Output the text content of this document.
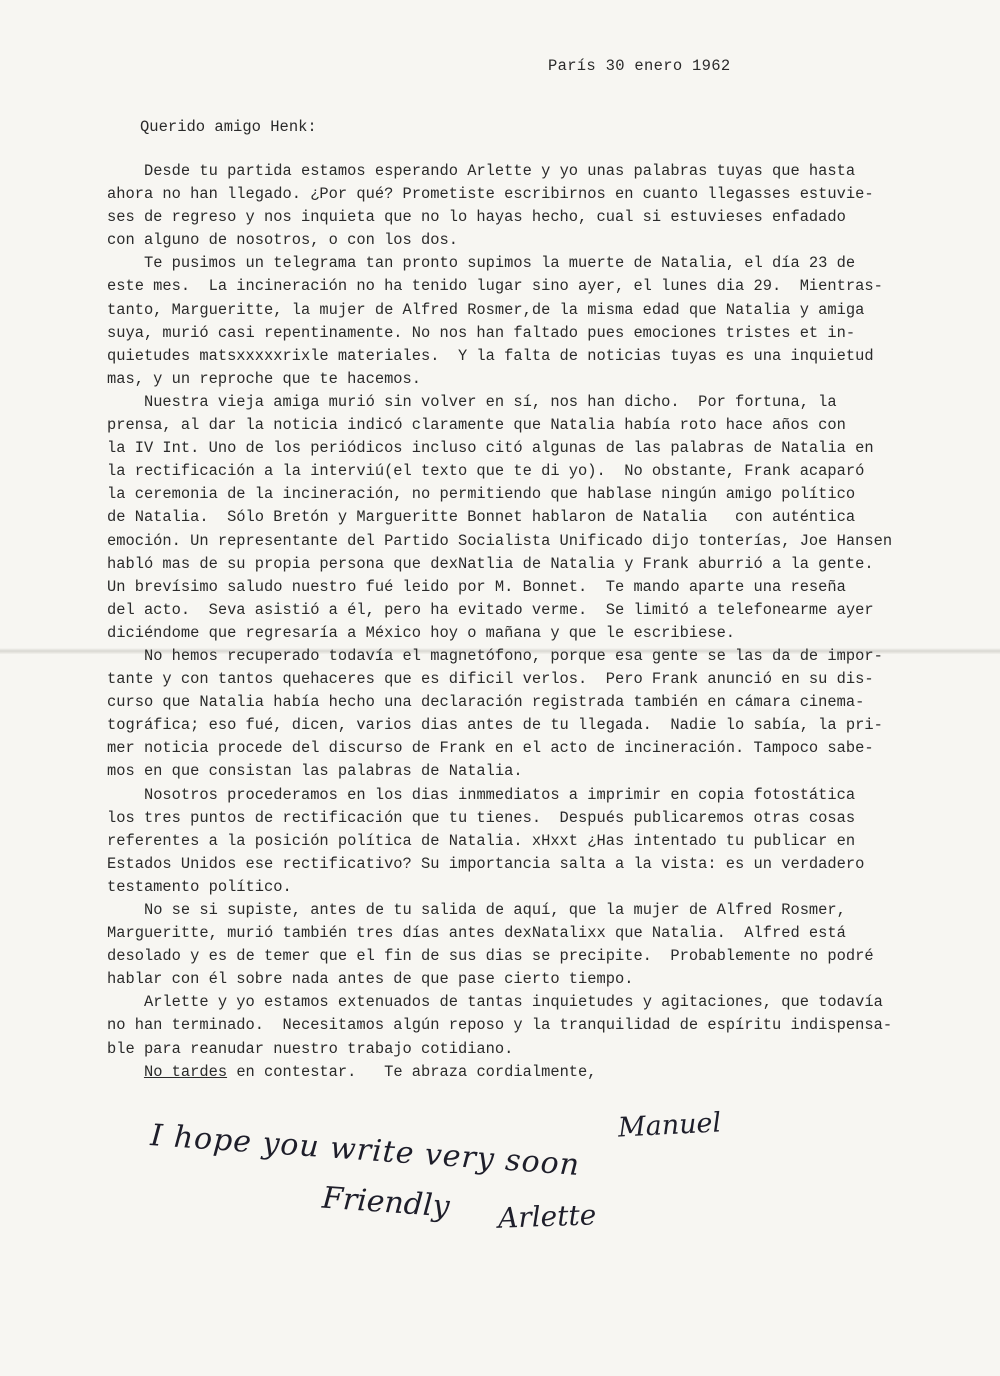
París 30 enero 1962
Querido amigo Henk:

Desde tu partida estamos esperando Arlette y yo unas palabras tuyas que hasta
ahora no han llegado. ¿Por qué? Prometiste escribirnos en cuanto llegasses estuvie-
ses de regreso y nos inquieta que no lo hayas hecho, cual si estuvieses enfadado
con alguno de nosotros, o con los dos.

Te pusimos un telegrama tan pronto supimos la muerte de Natalia, el día 23 de
este mes.  La incineración no ha tenido lugar sino ayer, el lunes dia 29.  Mientras-
tanto, Margueritte, la mujer de Alfred Rosmer,de la misma edad que Natalia y amiga
suya, murió casi repentinamente. No nos han faltado pues emociones tristes et in-
quietudes matsxxxxxrixle materiales.  Y la falta de noticias tuyas es una inquietud
mas, y un reproche que te hacemos.

Nuestra vieja amiga murió sin volver en sí, nos han dicho.  Por fortuna, la
prensa, al dar la noticia indicó claramente que Natalia había roto hace años con
la IV Int. Uno de los periódicos incluso citó algunas de las palabras de Natalia en
la rectificación a la interviú(el texto que te di yo).  No obstante, Frank acaparó
la ceremonia de la incineración, no permitiendo que hablase ningún amigo político
de Natalia.  Sólo Bretón y Margueritte Bonnet hablaron de Natalia   con auténtica
emoción. Un representante del Partido Socialista Unificado dijo tonterías, Joe Hansen
habló mas de su propia persona que dexNatlia de Natalia y Frank aburrió a la gente.
Un brevísimo saludo nuestro fué leido por M. Bonnet.  Te mando aparte una reseña
del acto.  Seva asistió a él, pero ha evitado verme.  Se limitó a telefonearme ayer
diciéndome que regresaría a México hoy o mañana y que le escribiese.

No hemos recuperado todavía el magnetófono, porque esa gente se las da de impor-
tante y con tantos quehaceres que es dificil verlos.  Pero Frank anunció en su dis-
curso que Natalia había hecho una declaración registrada también en cámara cinema-
tográfica; eso fué, dicen, varios dias antes de tu llegada.  Nadie lo sabía, la pri-
mer noticia procede del discurso de Frank en el acto de incineración. Tampoco sabe-
mos en que consistan las palabras de Natalia.

Nosotros procederamos en los dias inmmediatos a imprimir en copia fotostática
los tres puntos de rectificación que tu tienes.  Después publicaremos otras cosas
referentes a la posición política de Natalia. xHxxt ¿Has intentado tu publicar en
Estados Unidos ese rectificativo? Su importancia salta a la vista: es un verdadero
testamento político.

No se si supiste, antes de tu salida de aquí, que la mujer de Alfred Rosmer,
Margueritte, murió también tres días antes dexNatalixx que Natalia.  Alfred está
desolado y es de temer que el fin de sus dias se precipite.  Probablemente no podré
hablar con él sobre nada antes de que pase cierto tiempo.

Arlette y yo estamos extenuados de tantas inquietudes y agitaciones, que todavía
no han terminado.  Necesitamos algún reposo y la tranquilidad de espíritu indispensa-
ble para reanudar nuestro trabajo cotidiano.

No tardes en contestar.   Te abraza cordialmente,

Manuel
I hope you write very soon
Friendly Arlette
